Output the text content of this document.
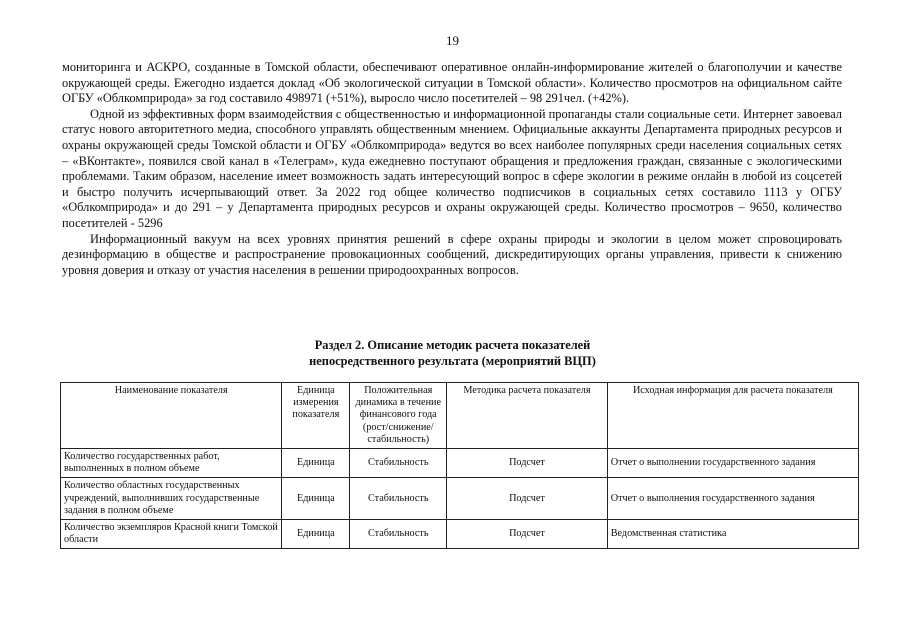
19

мониторинга и АСКРО, созданные в Томской области, обеспечивают оперативное онлайн-информирование жителей о благополучии и качестве окружающей среды. Ежегодно издается доклад «Об экологической ситуации в Томской области». Количество просмотров на официальном сайте ОГБУ «Облкомприрода» за год составило 498971 (+51%), выросло число посетителей – 98 291чел. (+42%).

Одной из эффективных форм взаимодействия с общественностью и информационной пропаганды стали социальные сети. Интернет завоевал статус нового авторитетного медиа, способного управлять общественным мнением. Официальные аккаунты Департамента природных ресурсов и охраны окружающей среды Томской области и ОГБУ «Облкомприрода» ведутся во всех наиболее популярных среди населения социальных сетях – «ВКонтакте», появился свой канал в «Телеграм», куда ежедневно поступают обращения и предложения граждан, связанные с экологическими проблемами. Таким образом, население имеет возможность задать интересующий вопрос в сфере экологии в режиме онлайн в любой из соцсетей и быстро получить исчерпывающий ответ. За 2022 год общее количество подписчиков в социальных сетях составило 1113 у ОГБУ «Облкомприрода» и до 291 – у Департамента природных ресурсов и охраны окружающей среды. Количество просмотров – 9650, количество посетителей - 5296

Информационный вакуум на всех уровнях принятия решений в сфере охраны природы и экологии в целом может спровоцировать дезинформацию в обществе и распространение провокационных сообщений, дискредитирующих органы управления, привести к снижению уровня доверия и отказу от участия населения в решении природоохранных вопросов.

Раздел 2. Описание методик расчета показателей
непосредственного результата (мероприятий ВЦП)
Наименование показателя	Единица измерения показателя	Положительная динамика в течение финансового года (рост/снижение/ стабильность)	Методика расчета показателя	Исходная информация для расчета показателя
Количество государственных работ, выполненных в полном объеме	Единица	Стабильность	Подсчет	Отчет о выполнении государственного задания
Количество областных государственных учреждений, выполнивших государственные задания в полном объеме	Единица	Стабильность	Подсчет	Отчет о выполнения государственного задания
Количество экземпляров Красной книги Томской области	Единица	Стабильность	Подсчет	Ведомственная статистика
